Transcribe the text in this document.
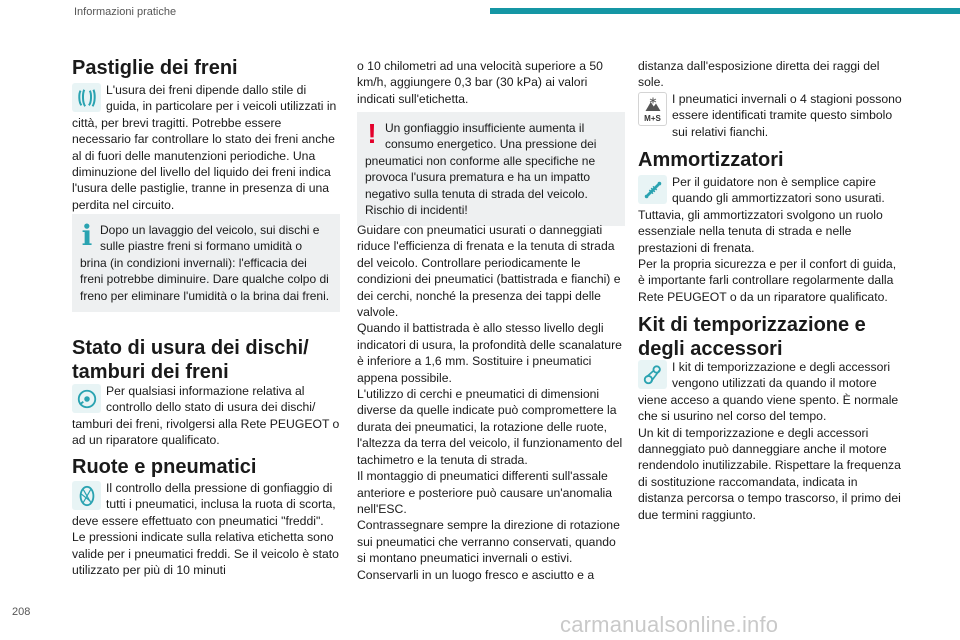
Informazioni pratiche
Pastiglie dei freni

L'usura dei freni dipende dallo stile di guida, in particolare per i veicoli utilizzati in città, per brevi tragitti. Potrebbe essere necessario far controllare lo stato dei freni anche al di fuori delle manutenzioni periodiche. Una diminuzione del livello del liquido dei freni indica l'usura delle pastiglie, tranne in presenza di una perdita nel circuito.

i Dopo un lavaggio del veicolo, sui dischi e sulle piastre freni si formano umidità o brina (in condizioni invernali): l'efficacia dei freni potrebbe diminuire. Dare qualche colpo di freno per eliminare l'umidità o la brina dai freni.

Stato di usura dei dischi/ tamburi dei freni

Per qualsiasi informazione relativa al controllo dello stato di usura dei dischi/ tamburi dei freni, rivolgersi alla Rete PEUGEOT o ad un riparatore qualificato.

Ruote e pneumatici

Il controllo della pressione di gonfiaggio di tutti i pneumatici, inclusa la ruota di scorta, deve essere effettuato con pneumatici "freddi". Le pressioni indicate sulla relativa etichetta sono valide per i pneumatici freddi. Se il veicolo è stato utilizzato per più di 10 minuti

o 10 chilometri ad una velocità superiore a 50 km/h, aggiungere 0,3 bar (30 kPa) ai valori indicati sull'etichetta.

! Un gonfiaggio insufficiente aumenta il consumo energetico. Una pressione dei pneumatici non conforme alle specifiche ne provoca l'usura prematura e ha un impatto negativo sulla tenuta di strada del veicolo. Rischio di incidenti!

Guidare con pneumatici usurati o danneggiati riduce l'efficienza di frenata e la tenuta di strada del veicolo. Controllare periodicamente le condizioni dei pneumatici (battistrada e fianchi) e dei cerchi, nonché la presenza dei tappi delle valvole.

Quando il battistrada è allo stesso livello degli indicatori di usura, la profondità delle scanalature è inferiore a 1,6 mm. Sostituire i pneumatici appena possibile.

L'utilizzo di cerchi e pneumatici di dimensioni diverse da quelle indicate può compromettere la durata dei pneumatici, la rotazione delle ruote, l'altezza da terra del veicolo, il funzionamento del tachimetro e la tenuta di strada.

Il montaggio di pneumatici differenti sull'assale anteriore e posteriore può causare un'anomalia nell'ESC.

Contrassegnare sempre la direzione di rotazione sui pneumatici che verranno conservati, quando si montano pneumatici invernali o estivi. Conservarli in un luogo fresco e asciutto e a

distanza dall'esposizione diretta dei raggi del sole.

M+S

I pneumatici invernali o 4 stagioni possono essere identificati tramite questo simbolo sui relativi fianchi.

Ammortizzatori

Per il guidatore non è semplice capire quando gli ammortizzatori sono usurati. Tuttavia, gli ammortizzatori svolgono un ruolo essenziale nella tenuta di strada e nelle prestazioni di frenata.

Per la propria sicurezza e per il confort di guida, è importante farli controllare regolarmente dalla Rete PEUGEOT o da un riparatore qualificato.

Kit di temporizzazione e degli accessori

I kit di temporizzazione e degli accessori vengono utilizzati da quando il motore viene acceso a quando viene spento. È normale che si usurino nel corso del tempo.

Un kit di temporizzazione e degli accessori danneggiato può danneggiare anche il motore rendendolo inutilizzabile. Rispettare la frequenza di sostituzione raccomandata, indicata in distanza percorsa o tempo trascorso, il primo dei due termini raggiunto.

208	carmanualsonline.info
